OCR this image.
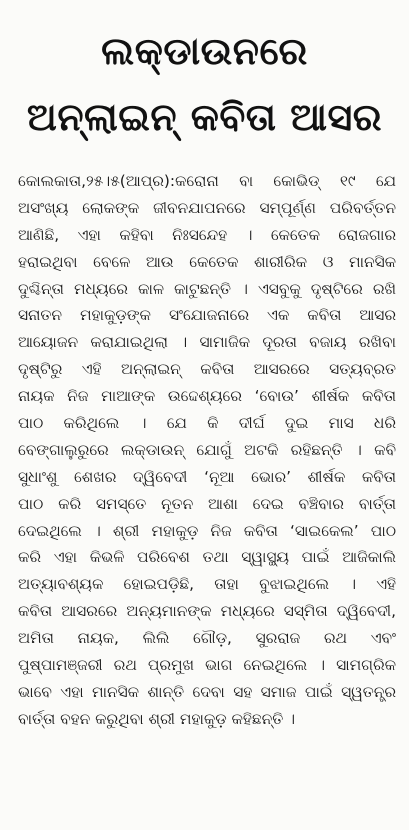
ଲକ୍‌ଡାଉନରେ
ଅନ୍‌ଲାଇନ୍ କବିତା ଆସର
କୋଲକାତା,୨୫।୫(ଆପ୍ର):କରୋନା ବା କୋଭିଡ୍ ୧୯ ଯେ
ଅସଂଖ୍ୟ ଲୋକଙ୍କ ଜୀବନଯାପନରେ ସମ୍ପୂର୍ଣ୍ଣ ପରିବର୍ତ୍ତନ
ଆଣିଛି, ଏହା କହିବା ନିଃସନ୍ଦେହ । କେତେକ ରୋଜଗାର
ହରାଇଥିବା ବେଳେ ଆଉ କେତେକ ଶାରୀରିକ ଓ ମାନସିକ
ଦୁଶ୍ଚିନ୍ତା ମଧ୍ୟରେ କାଳ କାଟୁଛନ୍ତି । ଏସବୁକୁ ଦୃଷ୍ଟିରେ ରଖି
ସନାତନ ମହାକୁଡ଼ଙ୍କ ସଂଯୋଜନାରେ ଏକ କବିତା ଆସର
ଆୟୋଜନ କରାଯାଇଥିଲା । ସାମାଜିକ ଦୂରତା ବଜାୟ ରଖିବା
ଦୃଷ୍ଟିରୁ ଏହି ଅନ୍‌ଲାଇନ୍ କବିତା ଆସରରେ ସତ୍ୟବ୍ରତ
ନାୟକ ନିଜ ମାଆଙ୍କ ଉଦ୍ଦେଶ୍ୟରେ ‘ବୋଉ’ ଶୀର୍ଷକ କବିତା
ପାଠ କରିଥିଲେ । ଯେ କି ଦୀର୍ଘ ଦୁଇ ମାସ ଧରି
ବେଙ୍ଗାଲୁରୁରେ ଲକ୍‌ଡାଉନ୍ ଯୋଗୁଁ ଅଟକି ରହିଛନ୍ତି । କବି
ସୁଧାଂଶୁ ଶେଖର ଦ୍ୱିବେଦୀ ‘ନୂଆ ଭୋର’ ଶୀର୍ଷକ କବିତା
ପାଠ କରି ସମସ୍ତେ ନୂତନ ଆଶା ଦେଇ ବଞ୍ଚିବାର ବାର୍ତ୍ତା
ଦେଇଥିଲେ । ଶ୍ରୀ ମହାକୁଡ଼ ନିଜ କବିତା ‘ସାଇକେଲ’ ପାଠ
କରି ଏହା କିଭଳି ପରିବେଶ ତଥା ସ୍ୱାସ୍ଥ୍ୟ ପାଇଁ ଆଜିକାଲି
ଅତ୍ୟାବଶ୍ୟକ ହୋଇପଡ଼ିଛି, ତାହା ବୁଝାଇଥିଲେ । ଏହି
କବିତା ଆସରରେ ଅନ୍ୟମାନଙ୍କ ମଧ୍ୟରେ ସସ୍ମିତା ଦ୍ୱିବେଦୀ,
ଅମିତା ନାୟକ, ଲିଲି ଗୌଡ଼, ସୁରରାଜ ରଥ ଏବଂ
ପୁଷ୍ପାମଞ୍ଜରୀ ରଥ ପ୍ରମୁଖ ଭାଗ ନେଇଥିଲେ । ସାମଗ୍ରିକ
ଭାବେ ଏହା ମାନସିକ ଶାନ୍ତି ଦେବା ସହ ସମାଜ ପାଇଁ ସ୍ୱତନ୍ତ୍ର
ବାର୍ତ୍ତା ବହନ କରୁଥିବା ଶ୍ରୀ ମହାକୁଡ଼ କହିଛନ୍ତି ।
